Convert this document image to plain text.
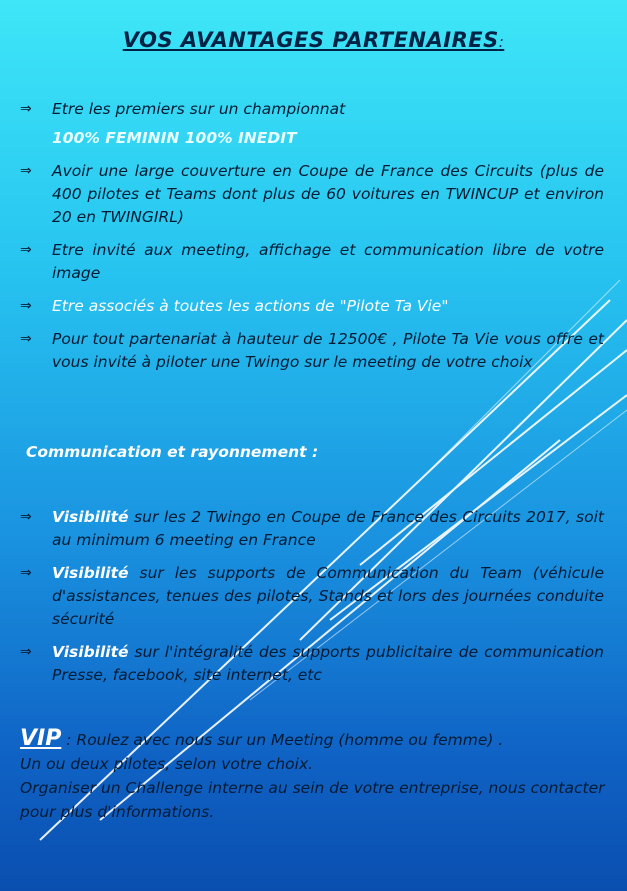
VOS AVANTAGES PARTENAIRES:
⇒ Etre les premiers sur un championnat
100% FEMININ 100% INEDIT
⇒ Avoir une large couverture en Coupe de France des Circuits (plus de 400 pilotes et Teams dont plus de 60 voitures en TWINCUP et environ 20 en TWINGIRL)
⇒ Etre invité aux meeting, affichage et communication libre de votre image
⇒ Etre associés à toutes les actions de "Pilote Ta Vie"
⇒ Pour tout partenariat à hauteur de 12500€ , Pilote Ta Vie vous offre et vous invité à piloter une Twingo sur le meeting de votre choix
Communication et rayonnement :
⇒ Visibilité sur les 2 Twingo en Coupe de France des Circuits 2017, soit au minimum 6 meeting en France
⇒ Visibilité sur les supports de Communication du Team (véhicule d'assistances, tenues des pilotes, Stands et lors des journées conduite sécurité
⇒ Visibilité sur l'intégralité des supports publicitaire de communication Presse, facebook, site internet, etc
VIP : Roulez avec nous sur un Meeting (homme ou femme) .
Un ou deux pilotes, selon votre choix.
Organiser un Challenge interne au sein de votre entreprise, nous contacter pour plus d'informations.
